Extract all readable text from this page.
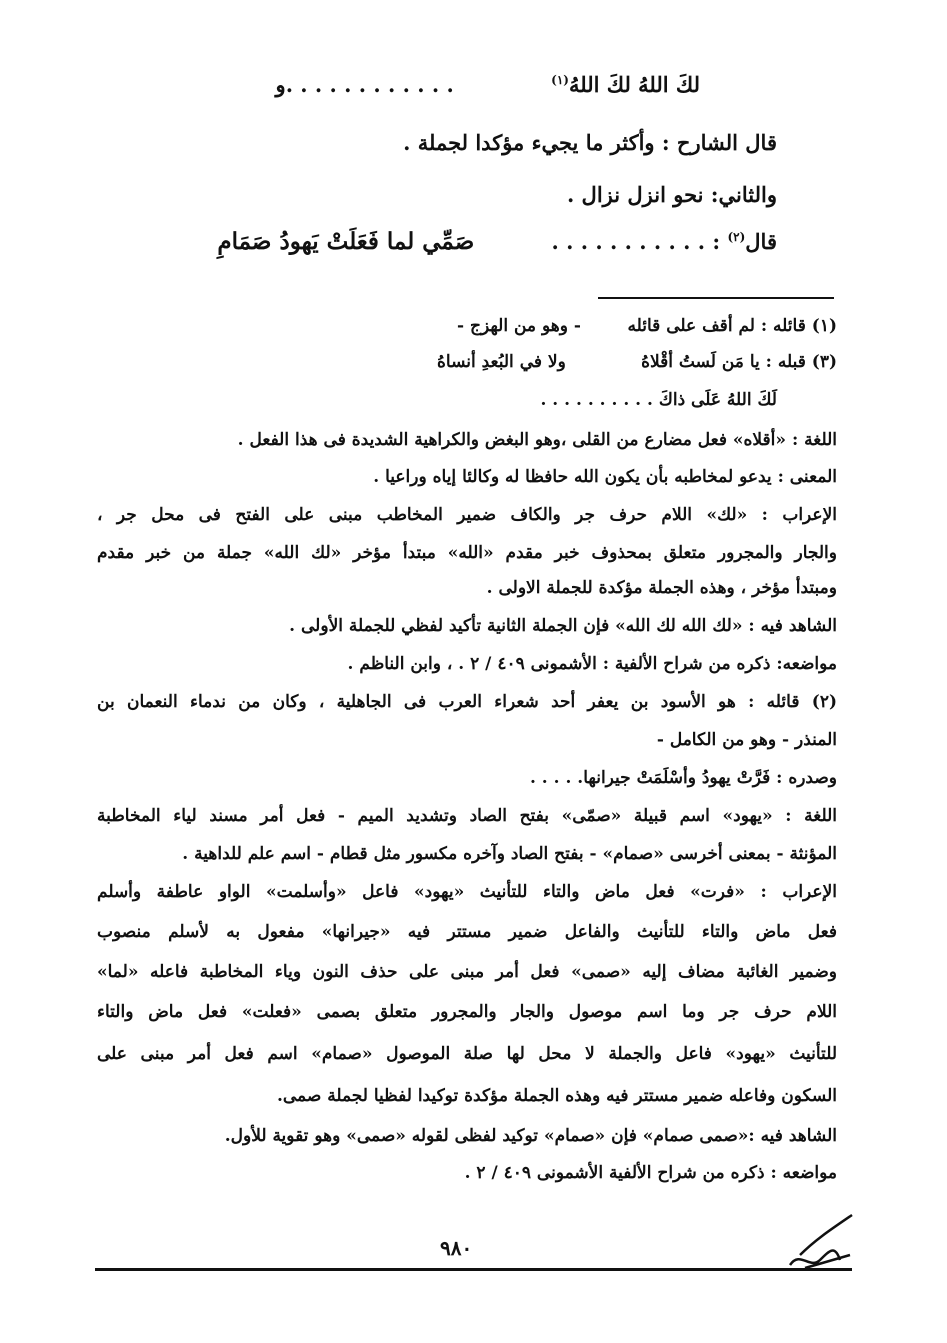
لكَ اللهُ لكَ اللهُ$^{(١)}$ . . . . . . . . . . . .و
قال الشارح : وأكثر ما يجيء مؤكدا لجملة .
والثاني: نحو انزل نزال .
قال$^{(٢)}$ : . . . . . . . . . . . صَمِّي لما فَعَلَتْ يَهودُ صَمَامِ
(١) قائله : لم أقف على قائله
- وهو من الهزج -
(٣) قبله : يا مَن لَستُ أقْلاهُ
ولا في البُعدِ أنساهُ
لَكَ اللهُ عَلَى ذاكَ . . . . . . . . . .
اللغة : «أقلاه» فعل مضارع من القلى ،وهو البغض والكراهية الشديدة فى هذا الفعل .
المعنى : يدعو لمخاطبه بأن يكون الله حافظا له وكالئا إياه وراعيا .
الإعراب : «لك» اللام حرف جر والكاف ضمير المخاطب مبنى على الفتح فى محل جر ،
والجار والمجرور متعلق بمحذوف خبر مقدم «الله» مبتدأ مؤخر «لك الله» جملة من خبر مقدم
ومبتدأ مؤخر ، وهذه الجملة مؤكدة للجملة الاولى .
الشاهد فيه : «لك الله لك الله» فإن الجملة الثانية تأكيد لفظي للجملة الأولى .
مواضعه: ذكره من شراح الألفية : الأشمونى ٤٠٩ / ٢ . ، وابن الناظم .
(٢) قائله : هو الأسود بن يعفر أحد شعراء العرب فى الجاهلية ، وكان من ندماء النعمان بن
المنذر - وهو من الكامل -
وصدره : فَرَّتْ يهودُ وأسْلَمَتْ جيرانها. . . . .
اللغة : «يهود» اسم قبيلة «صمّى» بفتح الصاد وتشديد الميم - فعل أمر مسند لياء المخاطبة
المؤنثة - بمعنى أخرسى «صمام» - بفتح الصاد وآخره مكسور مثل قطام - اسم علم للداهية .
الإعراب : «فرت» فعل ماض والتاء للتأنيث «يهود» فاعل «وأسلمت» الواو عاطفة وأسلم
فعل ماض والتاء للتأنيث والفاعل ضمير مستتر فيه «جيرانها» مفعول به لأسلم منصوب
وضمير الغائبة مضاف إليه «صمى» فعل أمر مبنى على حذف النون وياء المخاطبة فاعله «لما»
اللام حرف جر وما اسم موصول والجار والمجرور متعلق بصمى «فعلت» فعل ماض والتاء
للتأنيث «يهود» فاعل والجملة لا محل لها صلة الموصول «صمام» اسم فعل أمر مبنى على
السكون وفاعله ضمير مستتر فيه وهذه الجملة مؤكدة توكيدا لفظيا لجملة صمى.
الشاهد فيه :«صمى صمام» فإن «صمام» توكيد لفظى لقوله «صمى» وهو تقوية للأول.
مواضعه : ذكره من شراح الألفية الأشمونى ٤٠٩ / ٢ .
٩٨٠
